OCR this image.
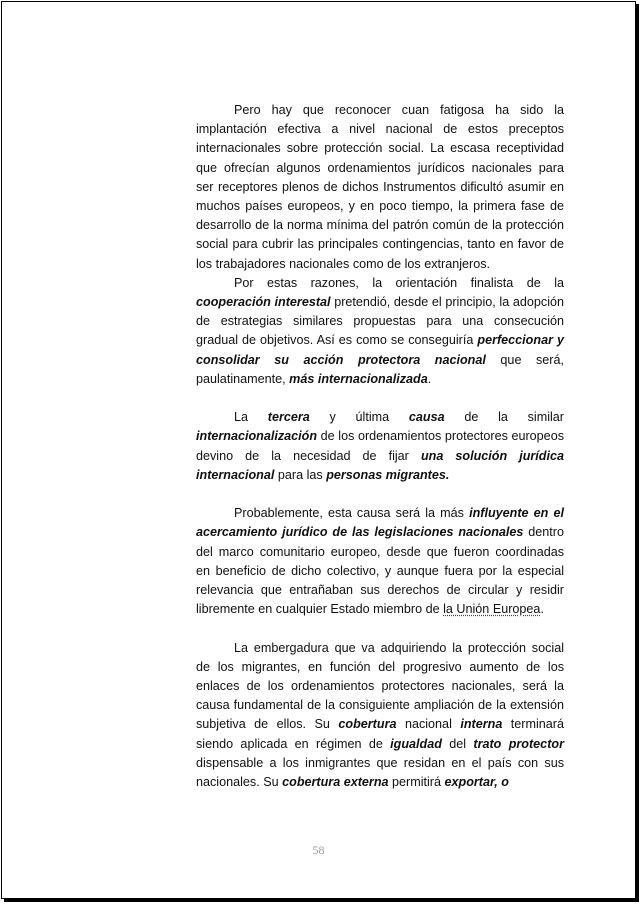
Pero hay que reconocer cuan fatigosa ha sido la implantación efectiva a nivel nacional de estos preceptos internacionales sobre protección social. La escasa receptividad que ofrecían algunos ordenamientos jurídicos nacionales para ser receptores plenos de dichos Instrumentos dificultó asumir en muchos países europeos, y en poco tiempo, la primera fase de desarrollo de la norma mínima del patrón común de la protección social para cubrir las principales contingencias, tanto en favor de los trabajadores nacionales como de los extranjeros.

Por estas razones, la orientación finalista de la cooperación interestal pretendió, desde el principio, la adopción de estrategias similares propuestas para una consecución gradual de objetivos. Así es como se conseguiría perfeccionar y consolidar su acción protectora nacional que será, paulatinamente, más internacionalizada.

La tercera y última causa de la similar internacionalización de los ordenamientos protectores europeos devino de la necesidad de fijar una solución jurídica internacional para las personas migrantes.

Probablemente, esta causa será la más influyente en el acercamiento jurídico de las legislaciones nacionales dentro del marco comunitario europeo, desde que fueron coordinadas en beneficio de dicho colectivo, y aunque fuera por la especial relevancia que entrañaban sus derechos de circular y residir libremente en cualquier Estado miembro de la Unión Europea.

La embergadura que va adquiriendo la protección social de los migrantes, en función del progresivo aumento de los enlaces de los ordenamientos protectores nacionales, será la causa fundamental de la consiguiente ampliación de la extensión subjetiva de ellos. Su cobertura nacional interna terminará siendo aplicada en régimen de igualdad del trato protector dispensable a los inmigrantes que residan en el país con sus nacionales. Su cobertura externa permitirá exportar, o

58
